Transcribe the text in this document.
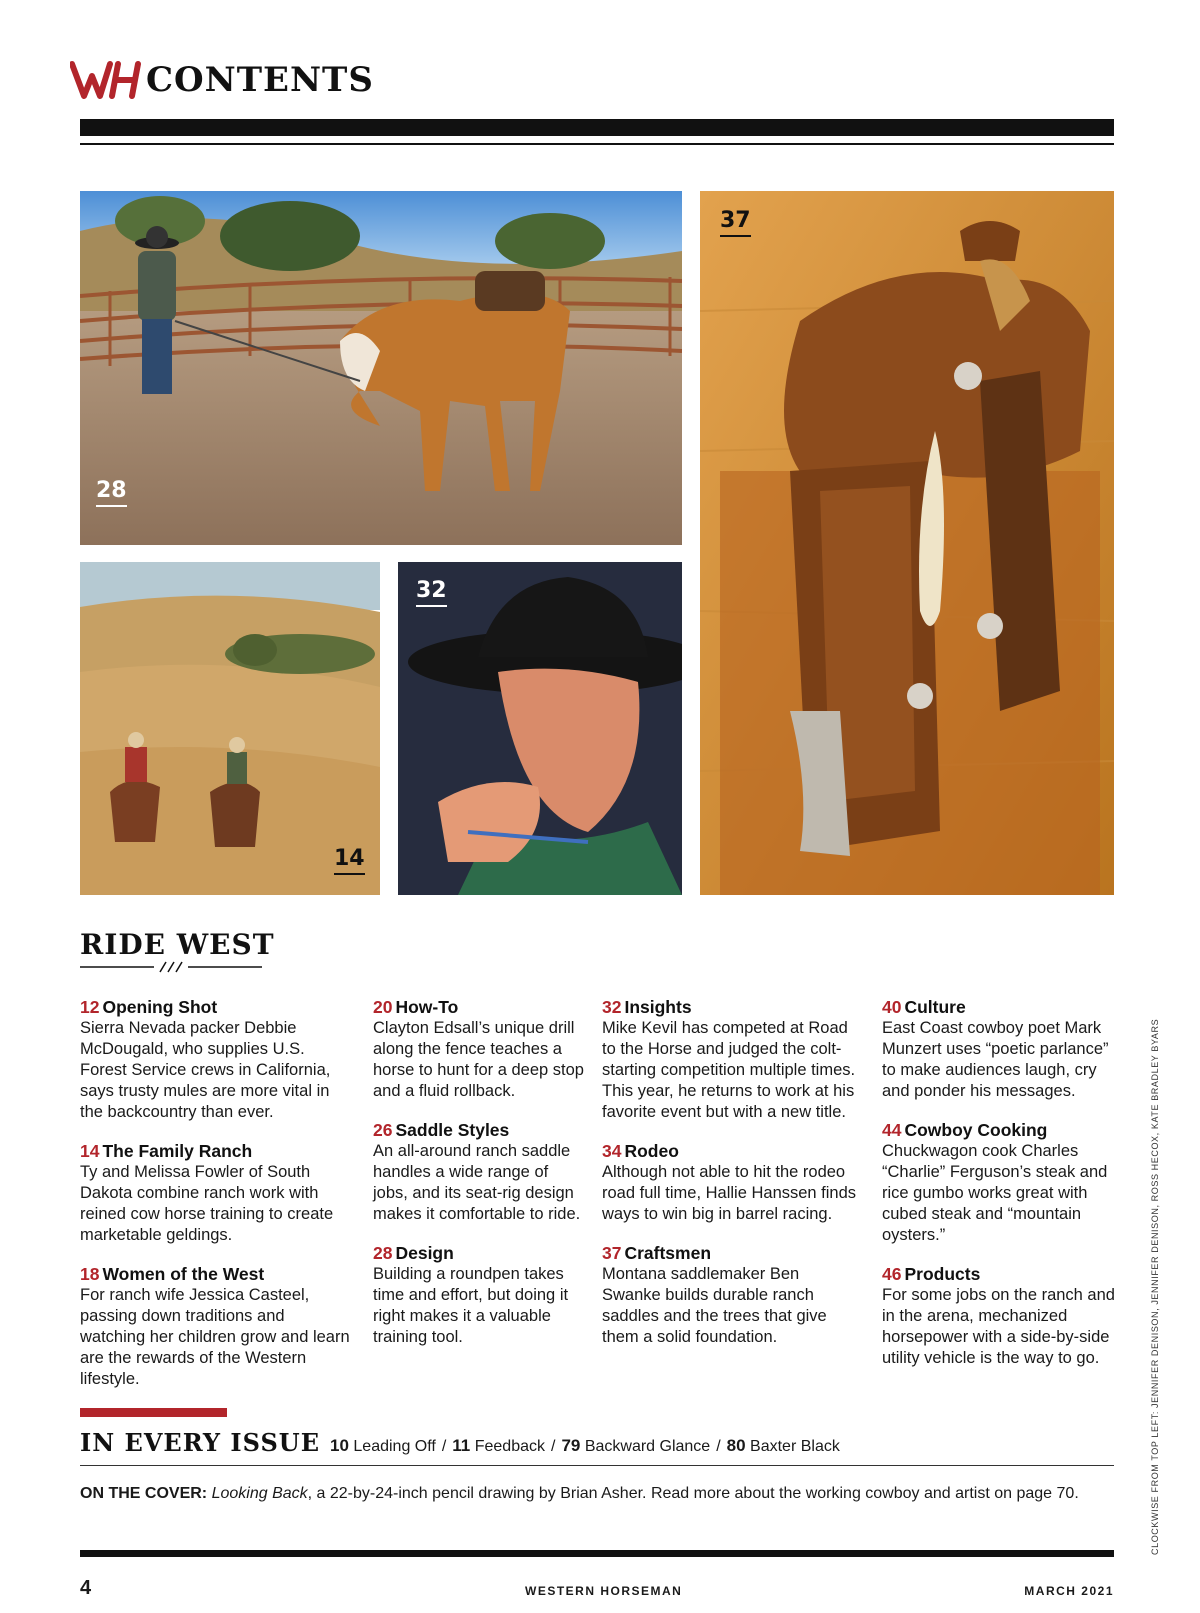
CONTENTS
28
37
14
32
RIDE WEST
12 Opening Shot
Sierra Nevada packer Debbie McDougald, who supplies U.S. Forest Service crews in California, says trusty mules are more vital in the backcountry than ever.
14 The Family Ranch
Ty and Melissa Fowler of South Dakota combine ranch work with reined cow horse training to create marketable geldings.
18 Women of the West
For ranch wife Jessica Casteel, passing down traditions and watching her children grow and learn are the rewards of the Western lifestyle.
20 How-To
Clayton Edsall’s unique drill along the fence teaches a horse to hunt for a deep stop and a fluid rollback.
26 Saddle Styles
An all-around ranch saddle handles a wide range of jobs, and its seat-rig design makes it comfortable to ride.
28 Design
Building a roundpen takes time and effort, but doing it right makes it a valuable training tool.
32 Insights
Mike Kevil has competed at Road to the Horse and judged the colt-starting competition multiple times. This year, he returns to work at his favorite event but with a new title.
34 Rodeo
Although not able to hit the rodeo road full time, Hallie Hanssen finds ways to win big in barrel racing.
37 Craftsmen
Montana saddlemaker Ben Swanke builds durable ranch saddles and the trees that give them a solid foundation.
40 Culture
East Coast cowboy poet Mark Munzert uses “poetic parlance” to make audiences laugh, cry and ponder his messages.
44 Cowboy Cooking
Chuckwagon cook Charles “Charlie” Ferguson’s steak and rice gumbo works great with cubed steak and “mountain oysters.”
46 Products
For some jobs on the ranch and in the arena, mechanized horsepower with a side-by-side utility vehicle is the way to go.
IN EVERY ISSUE 10 Leading Off / 11 Feedback / 79 Backward Glance / 80 Baxter Black
ON THE COVER: Looking Back, a 22-by-24-inch pencil drawing by Brian Asher. Read more about the working cowboy and artist on page 70.
4	WESTERN HORSEMAN	MARCH 2021
CLOCKWISE FROM TOP LEFT: JENNIFER DENISON, JENNIFER DENISON, ROSS HECOX, KATE BRADLEY BYARS
